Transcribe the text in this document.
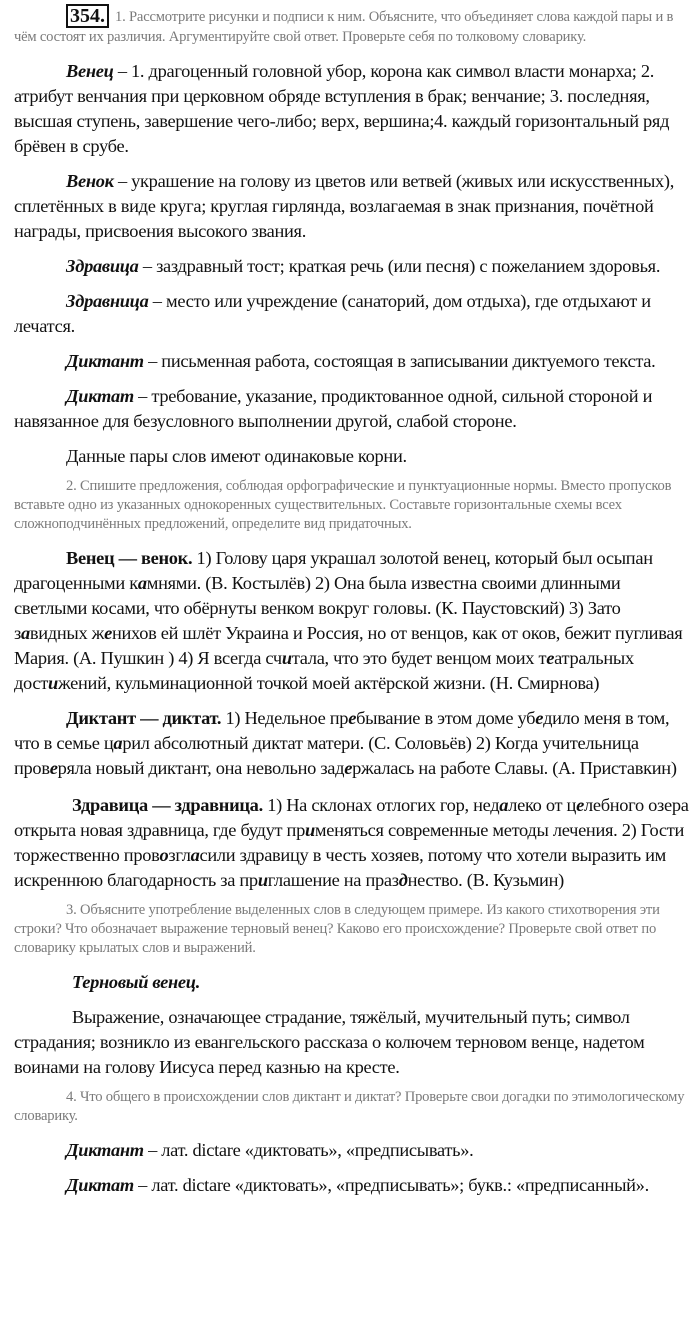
354. 1. Рассмотрите рисунки и подписи к ним. Объясните, что объединяет слова каждой пары и в чём состоят их различия. Аргументируйте свой ответ. Проверьте себя по толковому словарику.

Венец – 1. драгоценный головной убор, корона как символ власти монарха; 2. атрибут венчания при церковном обряде вступления в брак; венчание; 3. последняя, высшая ступень, завершение чего-либо; верх, вершина;4. каждый горизонтальный ряд брёвен в срубе.

Венок – украшение на голову из цветов или ветвей (живых или искусственных), сплетённых в виде круга; круглая гирлянда, возлагаемая в знак признания, почётной награды, присвоения высокого звания.

Здравица – заздравный тост; краткая речь (или песня) с пожеланием здоровья.

Здравница – место или учреждение (санаторий, дом отдыха), где отдыхают и лечатся.

Диктант – письменная работа, состоящая в записывании диктуемого текста.

Диктат – требование, указание, продиктованное одной, сильной стороной и навязанное для безусловного выполнении другой, слабой стороне.

Данные пары слов имеют одинаковые корни.

2. Спишите предложения, соблюдая орфографические и пунктуационные нормы. Вместо пропусков вставьте одно из указанных однокоренных существительных. Составьте горизонтальные схемы всех сложноподчинённых предложений, определите вид придаточных.

Венец — венок. 1) Голову царя украшал золотой венец, который был осыпан драгоценными камнями. (В. Костылёв) 2) Она была известна своими длинными светлыми косами, что обёрнуты венком вокруг головы. (К. Паустовский) 3) Зато завидных женихов ей шлёт Украина и Россия, но от венцов, как от оков, бежит пугливая Мария. (А. Пушкин ) 4) Я всегда считала, что это будет венцом моих театральных достижений, кульминационной точкой моей актёрской жизни. (Н. Смирнова)

Диктант — диктат. 1) Недельное пребывание в этом доме убедило меня в том, что в семье царил абсолютный диктат матери. (С. Соловьёв) 2) Когда учительница проверяла новый диктант, она невольно задержалась на работе Славы. (А. Приставкин)

Здравица — здравница. 1) На склонах отлогих гор, недалеко от целебного озера открыта новая здравница, где будут применяться современные методы лечения. 2) Гости торжественно провозгласили здравицу в честь хозяев, потому что хотели выразить им искреннюю благодарность за приглашение на празднество. (В. Кузьмин)

3. Объясните употребление выделенных слов в следующем примере. Из какого стихотворения эти строки? Что обозначает выражение терновый венец? Каково его происхождение? Проверьте свой ответ по словарику крылатых слов и выражений.

Терновый венец.

Выражение, означающее страдание, тяжёлый, мучительный путь; символ страдания; возникло из евангельского рассказа о колючем терновом венце, надетом воинами на голову Иисуса перед казнью на кресте.

4. Что общего в происхождении слов диктант и диктат? Проверьте свои догадки по этимологическому словарику.

Диктант – лат. dictare «диктовать», «предписывать».

Диктат – лат. dictare «диктовать», «предписывать»; букв.: «предписанный».
